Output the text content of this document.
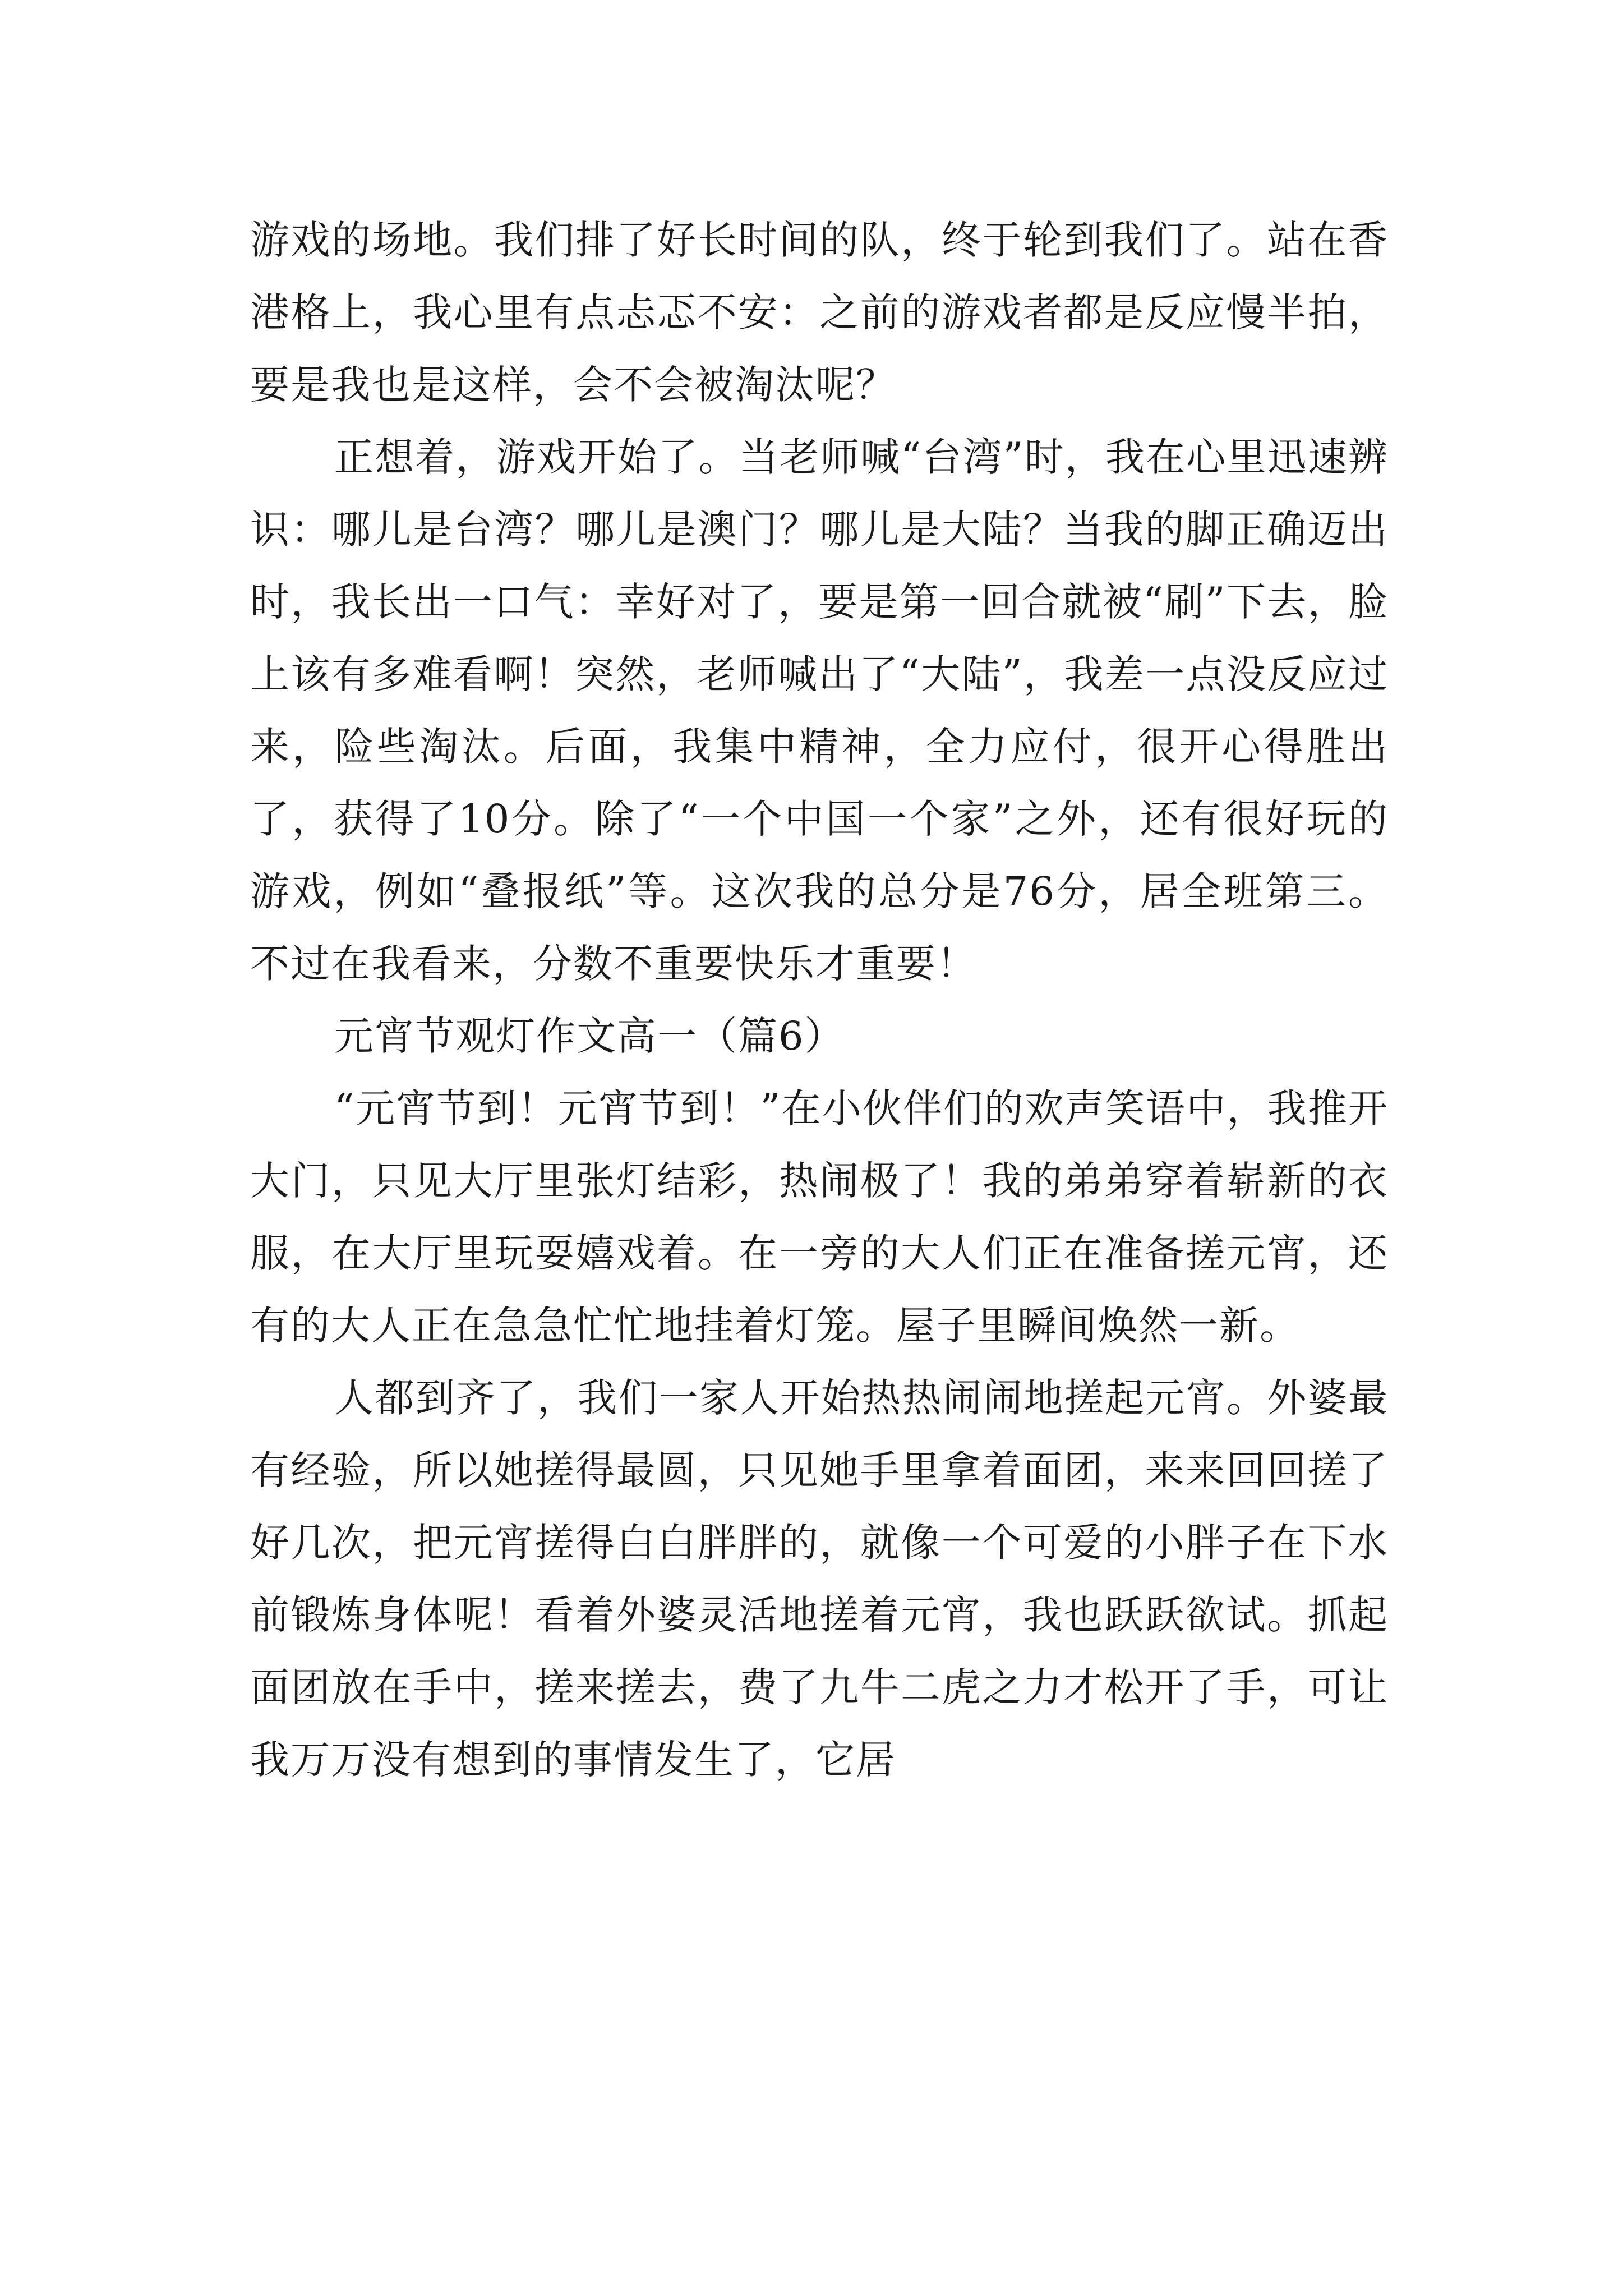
游戏的场地。我们排了好长时间的队，终于轮到我们了。站在香港格上，我心里有点忐忑不安：之前的游戏者都是反应慢半拍，要是我也是这样，会不会被淘汰呢？

正想着，游戏开始了。当老师喊“台湾”时，我在心里迅速辨识：哪儿是台湾？哪儿是澳门？哪儿是大陆？当我的脚正确迈出时，我长出一口气：幸好对了，要是第一回合就被“刷”下去，脸上该有多难看啊！突然，老师喊出了“大陆”，我差一点没反应过来，险些淘汰。后面，我集中精神，全力应付，很开心得胜出了，获得了10分。除了“一个中国一个家”之外，还有很好玩的游戏，例如“叠报纸”等。这次我的总分是76分，居全班第三。不过在我看来，分数不重要快乐才重要！

元宵节观灯作文高一（篇6）

“元宵节到！元宵节到！”在小伙伴们的欢声笑语中，我推开大门，只见大厅里张灯结彩，热闹极了！我的弟弟穿着崭新的衣服，在大厅里玩耍嬉戏着。在一旁的大人们正在准备搓元宵，还有的大人正在急急忙忙地挂着灯笼。屋子里瞬间焕然一新。

人都到齐了，我们一家人开始热热闹闹地搓起元宵。外婆最有经验，所以她搓得最圆，只见她手里拿着面团，来来回回搓了好几次，把元宵搓得白白胖胖的，就像一个可爱的小胖子在下水前锻炼身体呢！看着外婆灵活地搓着元宵，我也跃跃欲试。抓起面团放在手中，搓来搓去，费了九牛二虎之力才松开了手，可让我万万没有想到的事情发生了，它居
